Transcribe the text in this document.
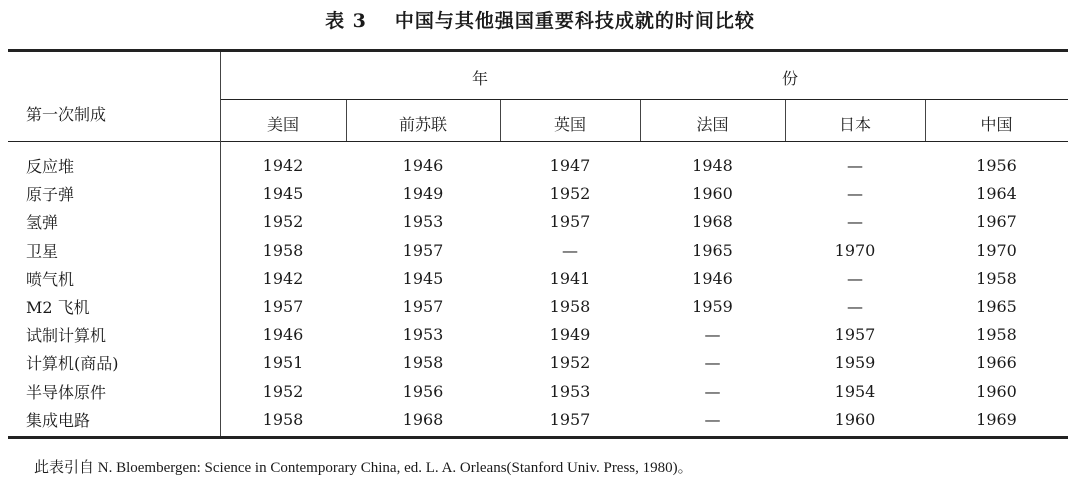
表 3 中国与其他强国重要科技成就的时间比较
第一次制成
年	份
美国	前苏联	英国	法国	日本	中国
反应堆	1942	1946	1947	1948	—	1956
原子弹	1945	1949	1952	1960	—	1964
氢弹	1952	1953	1957	1968	—	1967
卫星	1958	1957	—	1965	1970	1970
喷气机	1942	1945	1941	1946	—	1958
M2 飞机	1957	1957	1958	1959	—	1965
试制计算机	1946	1953	1949	—	1957	1958
计算机(商品)	1951	1958	1952	—	1959	1966
半导体原件	1952	1956	1953	—	1954	1960
集成电路	1958	1968	1957	—	1960	1969
此表引自 N. Bloembergen: Science in Contemporary China, ed. L. A. Orleans(Stanford Univ. Press, 1980)。
